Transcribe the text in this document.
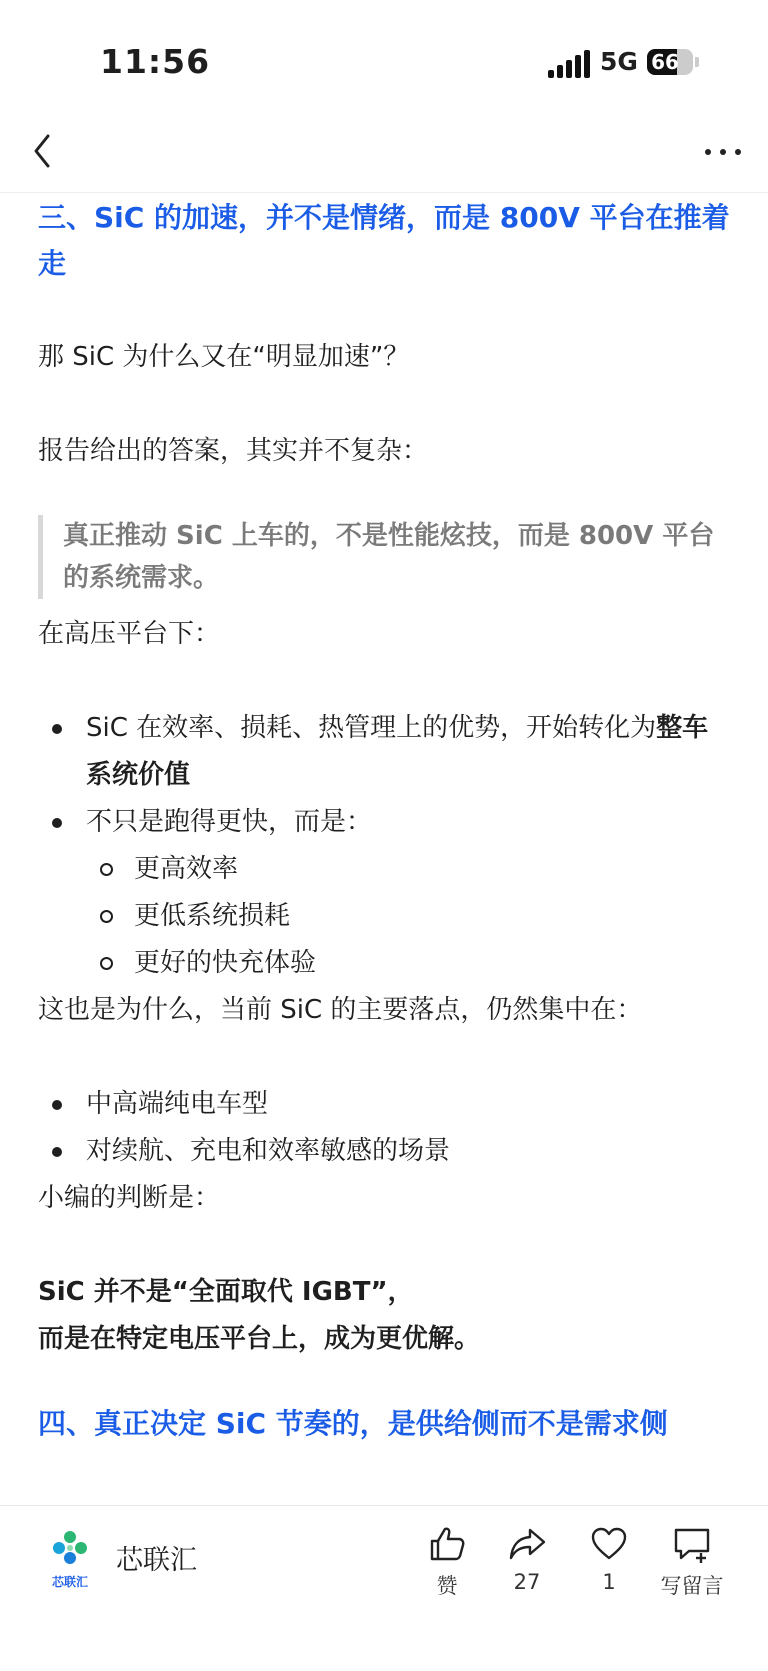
11:56	5G 66

三、SiC 的加速，并不是情绪，而是 800V 平台在推着走

那 SiC 为什么又在“明显加速”？

报告给出的答案，其实并不复杂：

真正推动 SiC 上车的，不是性能炫技，而是 800V 平台的系统需求。

在高压平台下：

SiC 在效率、损耗、热管理上的优势，开始转化为整车系统价值
不只是跑得更快，而是：
更高效率
更低系统损耗
更好的快充体验

这也是为什么，当前 SiC 的主要落点，仍然集中在：

中高端纯电车型
对续航、充电和效率敏感的场景

小编的判断是：

SiC 并不是“全面取代 IGBT”，

而是在特定电压平台上，成为更优解。

四、真正决定 SiC 节奏的，是供给侧而不是需求侧

芯联汇
芯联汇
赞	27	1	写留言
